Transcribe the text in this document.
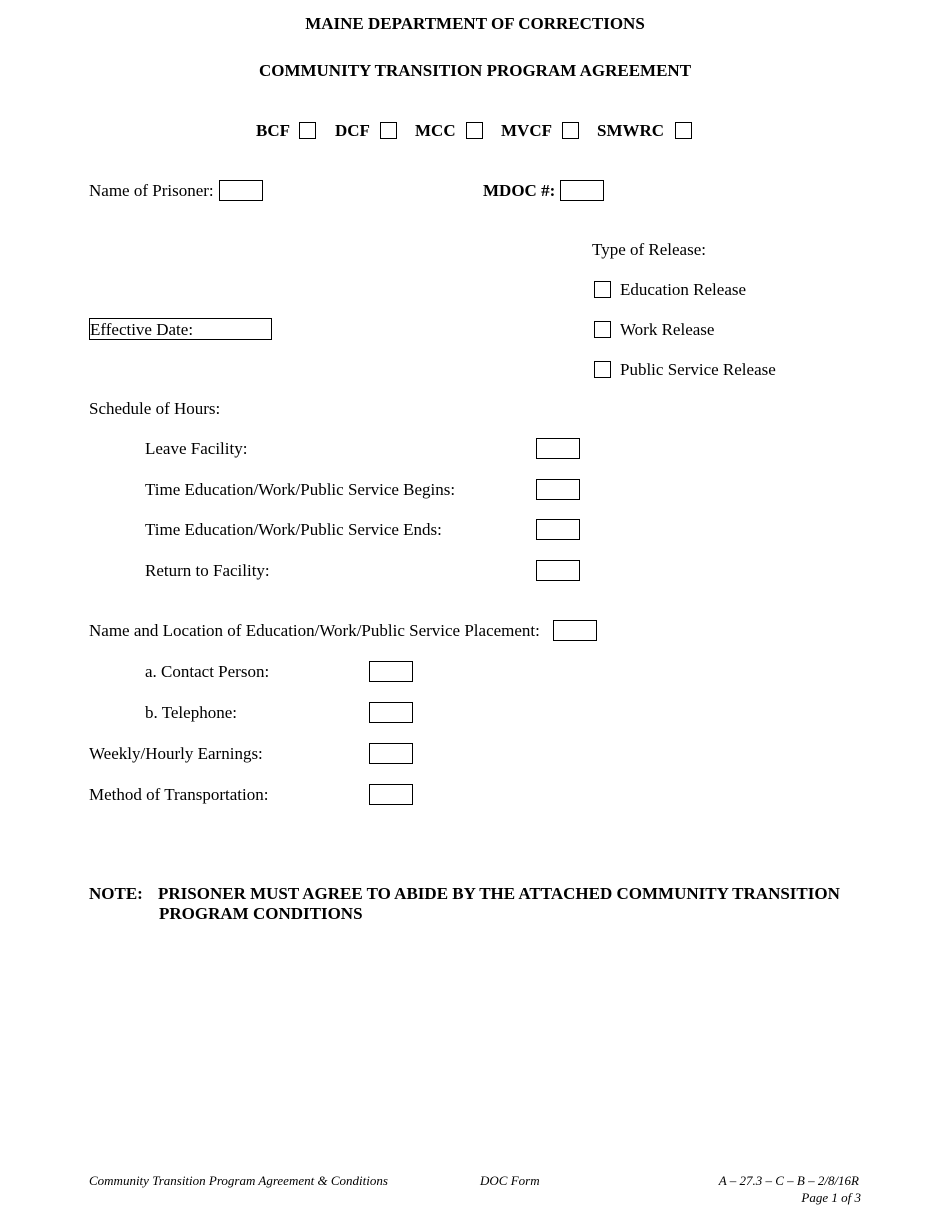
MAINE DEPARTMENT OF CORRECTIONS
COMMUNITY TRANSITION PROGRAM AGREEMENT
BCF	DCF	MCC	MVCF	SMWRC
Name of Prisoner:	MDOC #:
Type of Release:
Education Release
Work Release
Public Service Release
Effective Date:
Schedule of Hours:
Leave Facility:
Time Education/Work/Public Service Begins:
Time Education/Work/Public Service Ends:
Return to Facility:
Name and Location of Education/Work/Public Service Placement:
a. Contact Person:
b. Telephone:
Weekly/Hourly Earnings:
Method of Transportation:
NOTE: PRISONER MUST AGREE TO ABIDE BY THE ATTACHED COMMUNITY TRANSITION
PROGRAM CONDITIONS
Community Transition Program Agreement & Conditions	DOC Form	A – 27.3 – C – B – 2/8/16R
Page 1 of 3
